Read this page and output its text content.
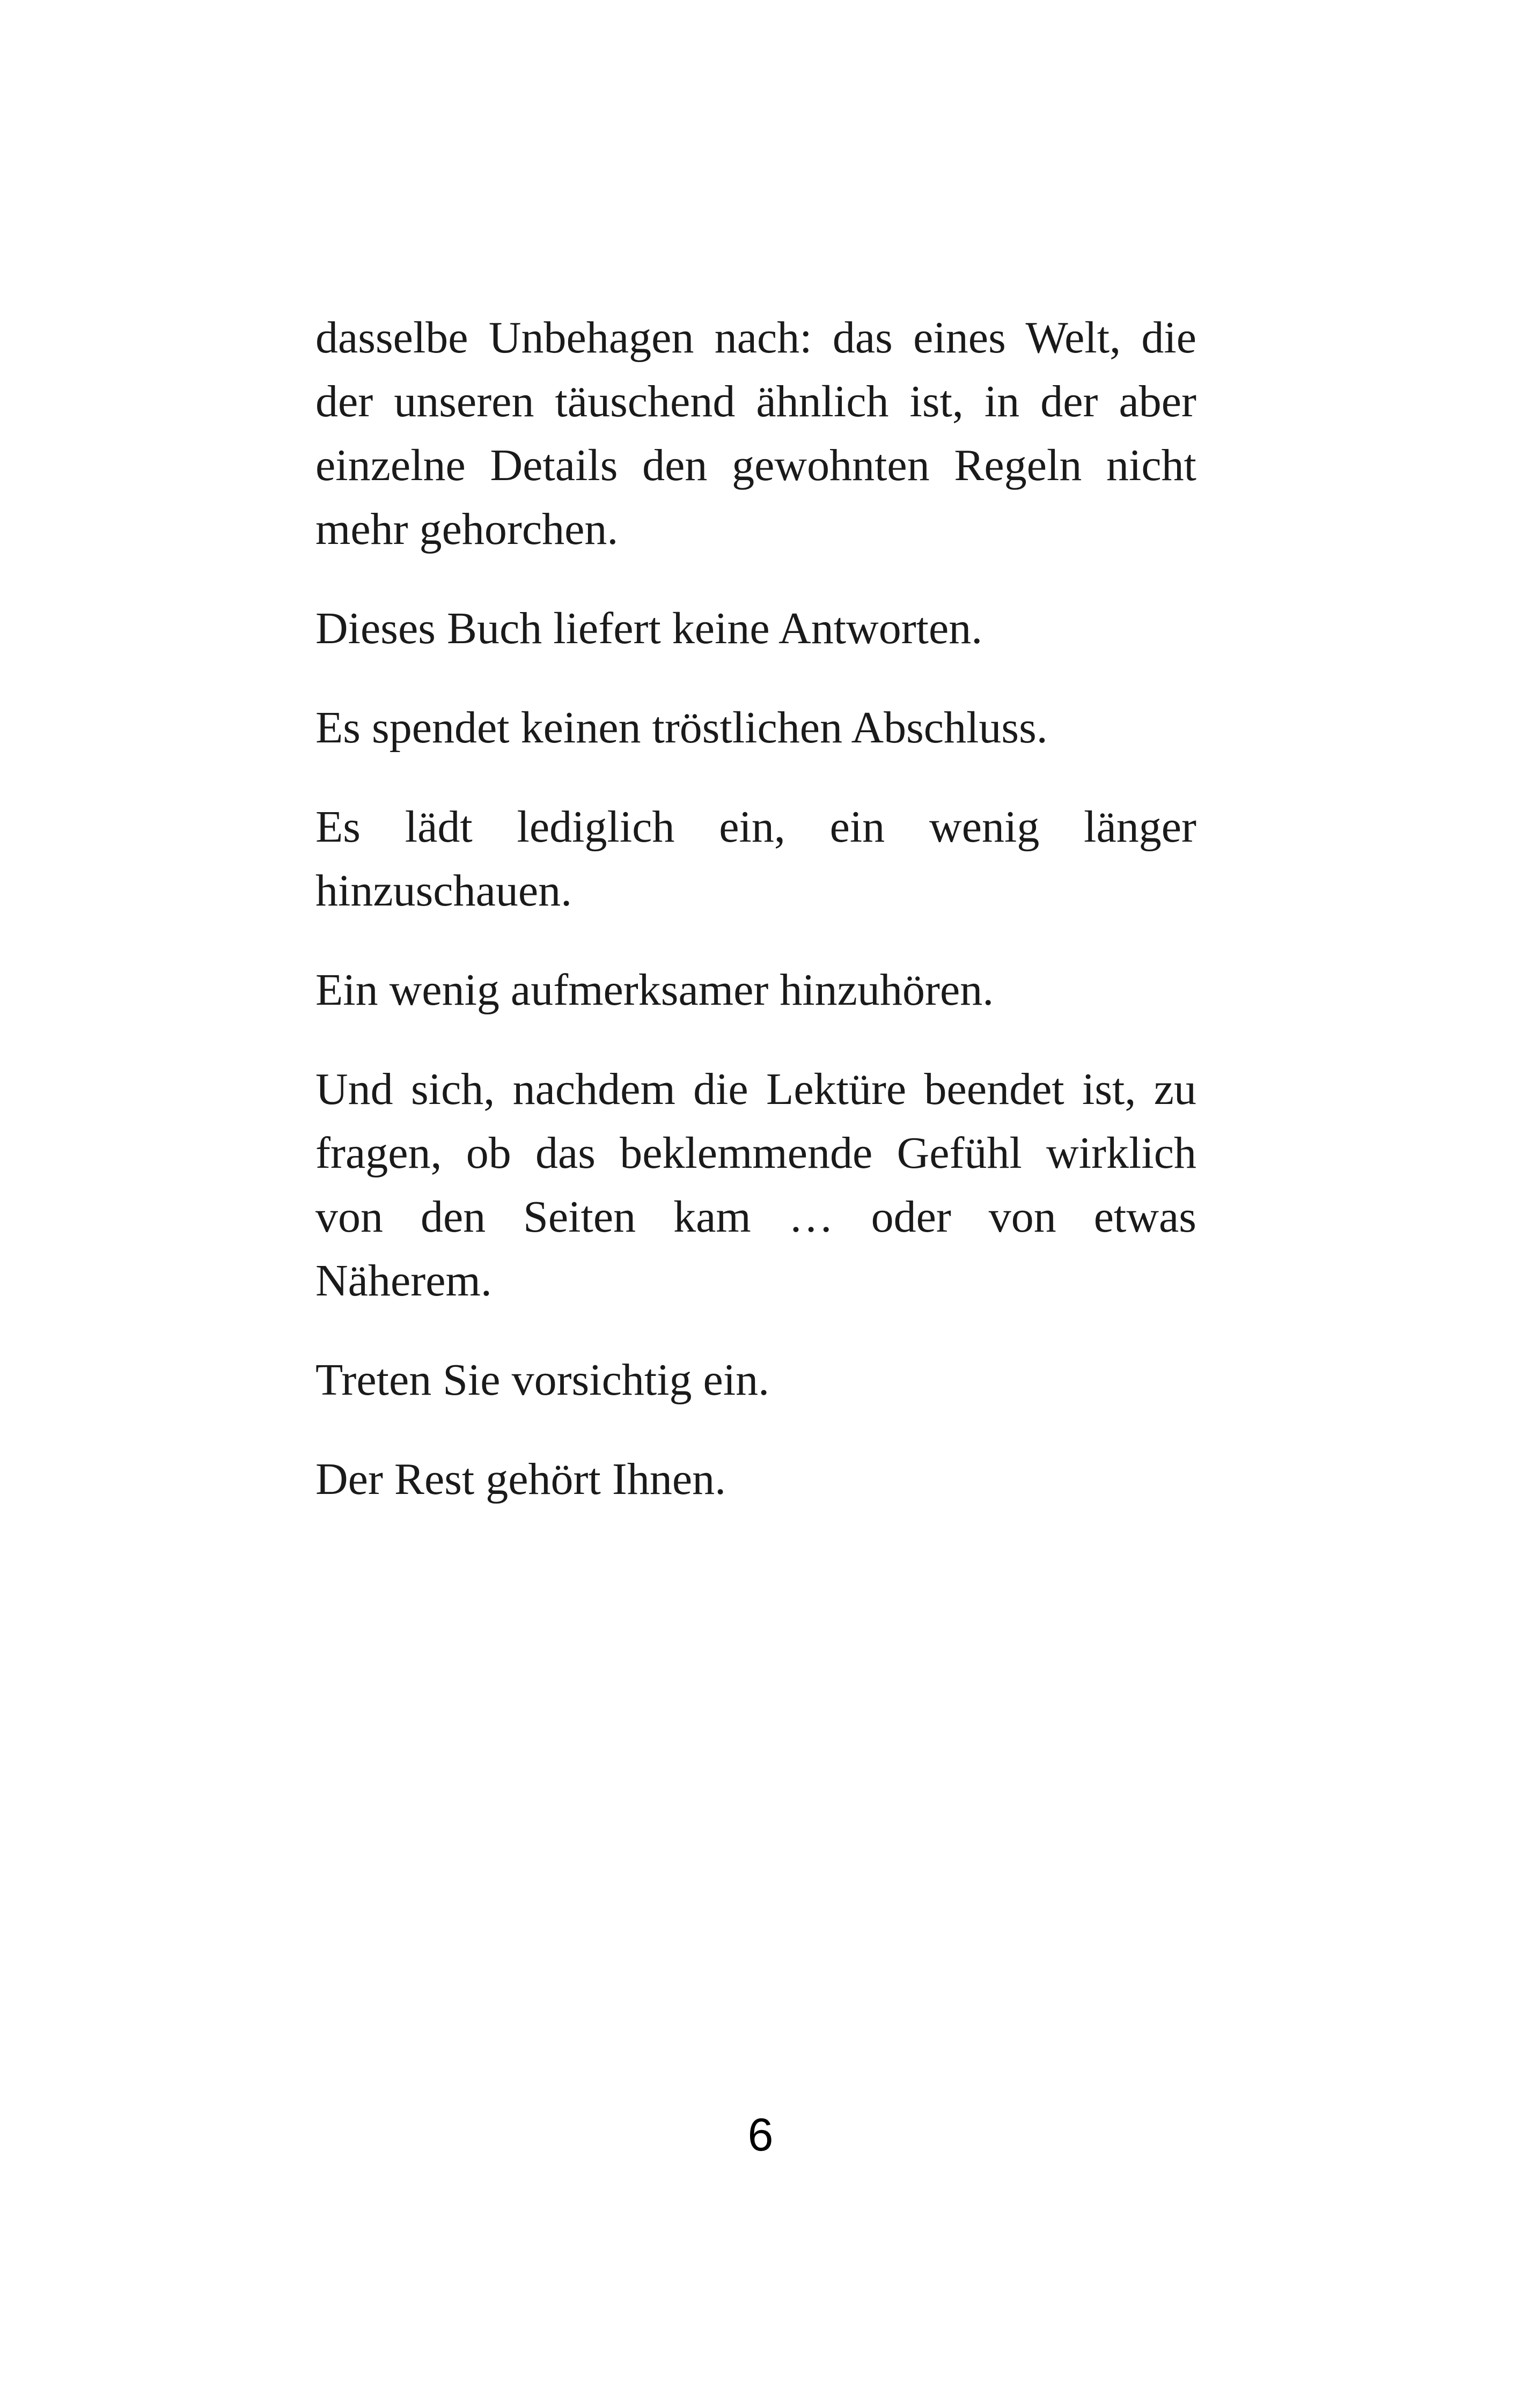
dasselbe Unbehagen nach: das eines Welt, die der unseren täuschend ähnlich ist, in der aber einzelne Details den gewohnten Regeln nicht mehr gehorchen.

Dieses Buch liefert keine Antworten.

Es spendet keinen tröstlichen Abschluss.

Es lädt lediglich ein, ein wenig länger hinzuschauen.

Ein wenig aufmerksamer hinzuhören.

Und sich, nachdem die Lektüre beendet ist, zu fragen, ob das beklemmende Gefühl wirklich von den Seiten kam … oder von etwas Näherem.

Treten Sie vorsichtig ein.

Der Rest gehört Ihnen.

6
